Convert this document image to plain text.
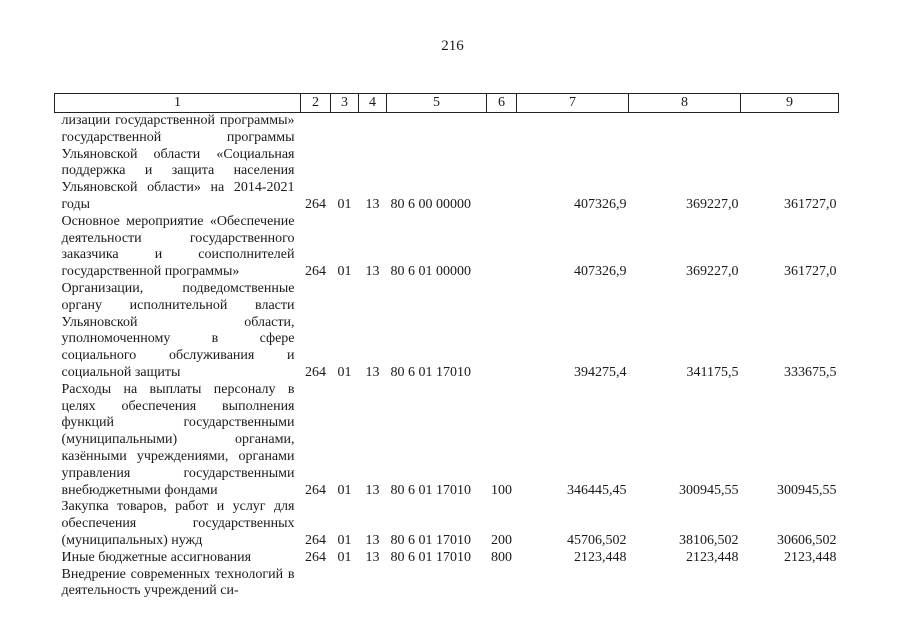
216
1	2	3	4	5	6	7	8	9
лизации государственной программы» государственной программы Ульяновской области «Социальная поддержка и защита населения Ульяновской области» на 2014-2021 годы	264	01	13	80 6 00 00000		407326,9	369227,0	361727,0
Основное мероприятие «Обеспечение деятельности государственного заказчика и соисполнителей государственной программы»	264	01	13	80 6 01 00000		407326,9	369227,0	361727,0
Организации, подведомственные органу исполнительной власти Ульяновской области, уполномоченному в сфере социального обслуживания и социальной защиты	264	01	13	80 6 01 17010		394275,4	341175,5	333675,5
Расходы на выплаты персоналу в целях обеспечения выполнения функций государственными (муниципальными) органами, казёнными учреждениями, органами управления государственными внебюджетными фондами	264	01	13	80 6 01 17010	100	346445,45	300945,55	300945,55
Закупка товаров, работ и услуг для обеспечения государственных (муниципальных) нужд	264	01	13	80 6 01 17010	200	45706,502	38106,502	30606,502
Иные бюджетные ассигнования	264	01	13	80 6 01 17010	800	2123,448	2123,448	2123,448
Внедрение современных технологий в деятельность учреждений си-								
